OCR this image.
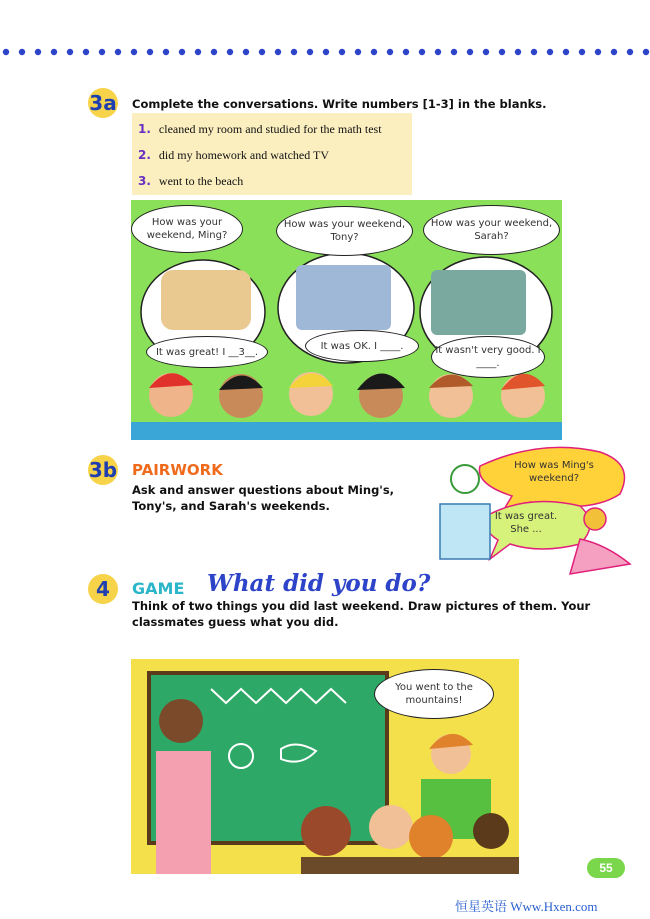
3a Complete the conversations. Write numbers [1-3] in the blanks.
1. cleaned my room and studied for the math test
2. did my homework and watched TV
3. went to the beach
How was your weekend, Ming?
How was your weekend, Tony?
How was your weekend, Sarah?
It was great! I __3__.
It was OK. I ____.	It wasn't very good. I ____.
3b PAIRWORK
Ask and answer questions about Ming's, Tony's, and Sarah's weekends.
How was Ming's weekend?
It was great. She ...
4	GAME What did you do?
Think of two things you did last weekend. Draw pictures of them. Your classmates guess what you did.
You went to the mountains!
55
恒星英语 Www.Hxen.com
